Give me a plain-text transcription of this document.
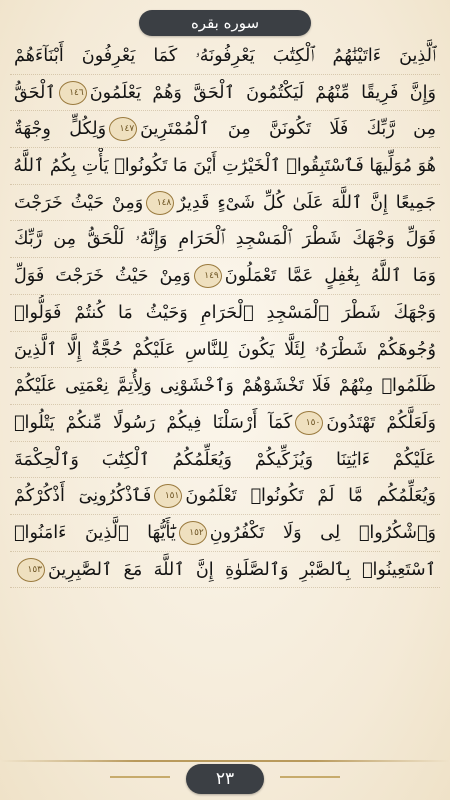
سوره بقره
ٱلَّذِينَ ءَاتَيْنَٰهُمُ ٱلْكِتَٰبَ يَعْرِفُونَهُۥ كَمَا يَعْرِفُونَ أَبْنَآءَهُمْ
وَإِنَّ فَرِيقًا مِّنْهُمْ لَيَكْتُمُونَ ٱلْحَقَّ وَهُمْ يَعْلَمُونَ١٤٦ٱلْحَقُّ
مِن رَّبِّكَ فَلَا تَكُونَنَّ مِنَ ٱلْمُمْتَرِينَ١٤٧وَلِكُلٍّ وِجْهَةٌ
هُوَ مُوَلِّيهَا فَٱسْتَبِقُوا۟ ٱلْخَيْرَٰتِ أَيْنَ مَا تَكُونُوا۟ يَأْتِ بِكُمُ ٱللَّهُ
جَمِيعًا إِنَّ ٱللَّهَ عَلَىٰ كُلِّ شَىْءٍ قَدِيرٌ١٤٨وَمِنْ حَيْثُ خَرَجْتَ
فَوَلِّ وَجْهَكَ شَطْرَ ٱلْمَسْجِدِ ٱلْحَرَامِ وَإِنَّهُۥ لَلْحَقُّ مِن رَّبِّكَ
وَمَا ٱللَّهُ بِغَٰفِلٍ عَمَّا تَعْمَلُونَ١٤٩وَمِنْ حَيْثُ خَرَجْتَ فَوَلِّ
وَجْهَكَ شَطْرَ ٱلْمَسْجِدِ ٱلْحَرَامِ وَحَيْثُ مَا كُنتُمْ فَوَلُّوا۟
وُجُوهَكُمْ شَطْرَهُۥ لِئَلَّا يَكُونَ لِلنَّاسِ عَلَيْكُمْ حُجَّةٌ إِلَّا ٱلَّذِينَ
ظَلَمُوا۟ مِنْهُمْ فَلَا تَخْشَوْهُمْ وَٱخْشَوْنِى وَلِأُتِمَّ نِعْمَتِى عَلَيْكُمْ
وَلَعَلَّكُمْ تَهْتَدُونَ١٥٠كَمَآ أَرْسَلْنَا فِيكُمْ رَسُولًا مِّنكُمْ يَتْلُوا۟
عَلَيْكُمْ ءَايَٰتِنَا وَيُزَكِّيكُمْ وَيُعَلِّمُكُمُ ٱلْكِتَٰبَ وَٱلْحِكْمَةَ
وَيُعَلِّمُكُم مَّا لَمْ تَكُونُوا۟ تَعْلَمُونَ١٥١فَٱذْكُرُونِىٓ أَذْكُرْكُمْ
وَٱشْكُرُوا۟ لِى وَلَا تَكْفُرُونِ١٥٢يَٰٓأَيُّهَا ٱلَّذِينَ ءَامَنُوا۟
ٱسْتَعِينُوا۟ بِٱلصَّبْرِ وَٱلصَّلَوٰةِ إِنَّ ٱللَّهَ مَعَ ٱلصَّٰبِرِينَ١٥٣
٢٣
